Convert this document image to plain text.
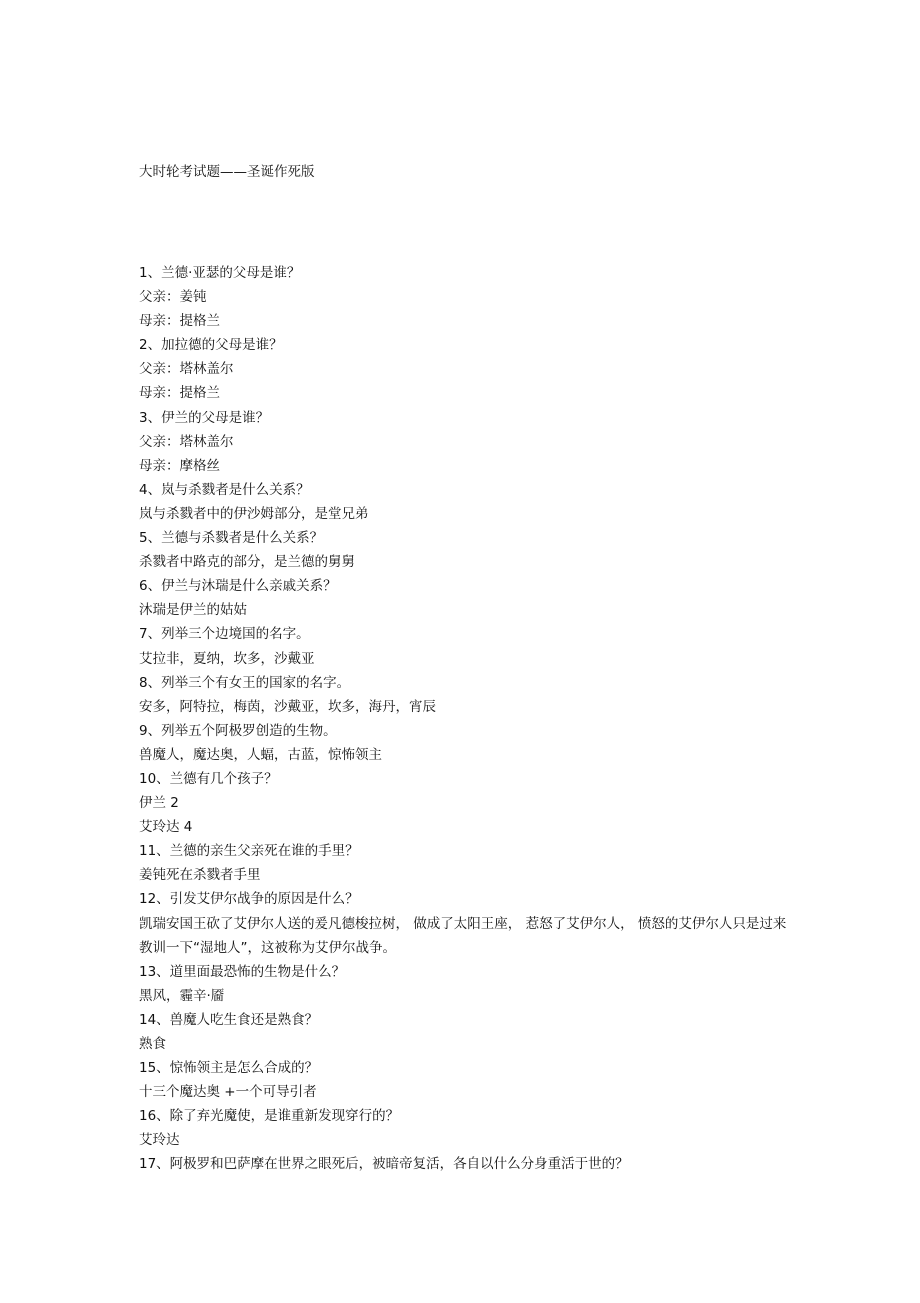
大时轮考试题——圣诞作死版
1、兰德·亚瑟的父母是谁？
父亲：姜钝
母亲：提格兰
2、加拉德的父母是谁？
父亲：塔林盖尔
母亲：提格兰
3、伊兰的父母是谁？
父亲：塔林盖尔
母亲：摩格丝
4、岚与杀戮者是什么关系？
岚与杀戮者中的伊沙姆部分，是堂兄弟
5、兰德与杀戮者是什么关系？
杀戮者中路克的部分，是兰德的舅舅
6、伊兰与沐瑞是什么亲戚关系？
沐瑞是伊兰的姑姑
7、列举三个边境国的名字。
艾拉非，夏纳，坎多，沙戴亚
8、列举三个有女王的国家的名字。
安多，阿特拉，梅茵，沙戴亚，坎多，海丹，宵辰
9、列举五个阿极罗创造的生物。
兽魔人，魔达奥，人蝠，古蓝，惊怖领主
10、兰德有几个孩子？
伊兰 2
艾玲达 4
11、兰德的亲生父亲死在谁的手里？
姜钝死在杀戮者手里
12、引发艾伊尔战争的原因是什么？
凯瑞安国王砍了艾伊尔人送的爰凡德梭拉树， 做成了太阳王座， 惹怒了艾伊尔人， 愤怒的艾伊尔人只是过来教训一下“湿地人”，这被称为艾伊尔战争。
13、道里面最恐怖的生物是什么？
黑风，霾辛·靥
14、兽魔人吃生食还是熟食？
熟食
15、惊怖领主是怎么合成的？
十三个魔达奥 +一个可导引者
16、除了弃光魔使，是谁重新发现穿行的？
艾玲达
17、阿极罗和巴萨摩在世界之眼死后，被暗帝复活，各自以什么分身重活于世的？
